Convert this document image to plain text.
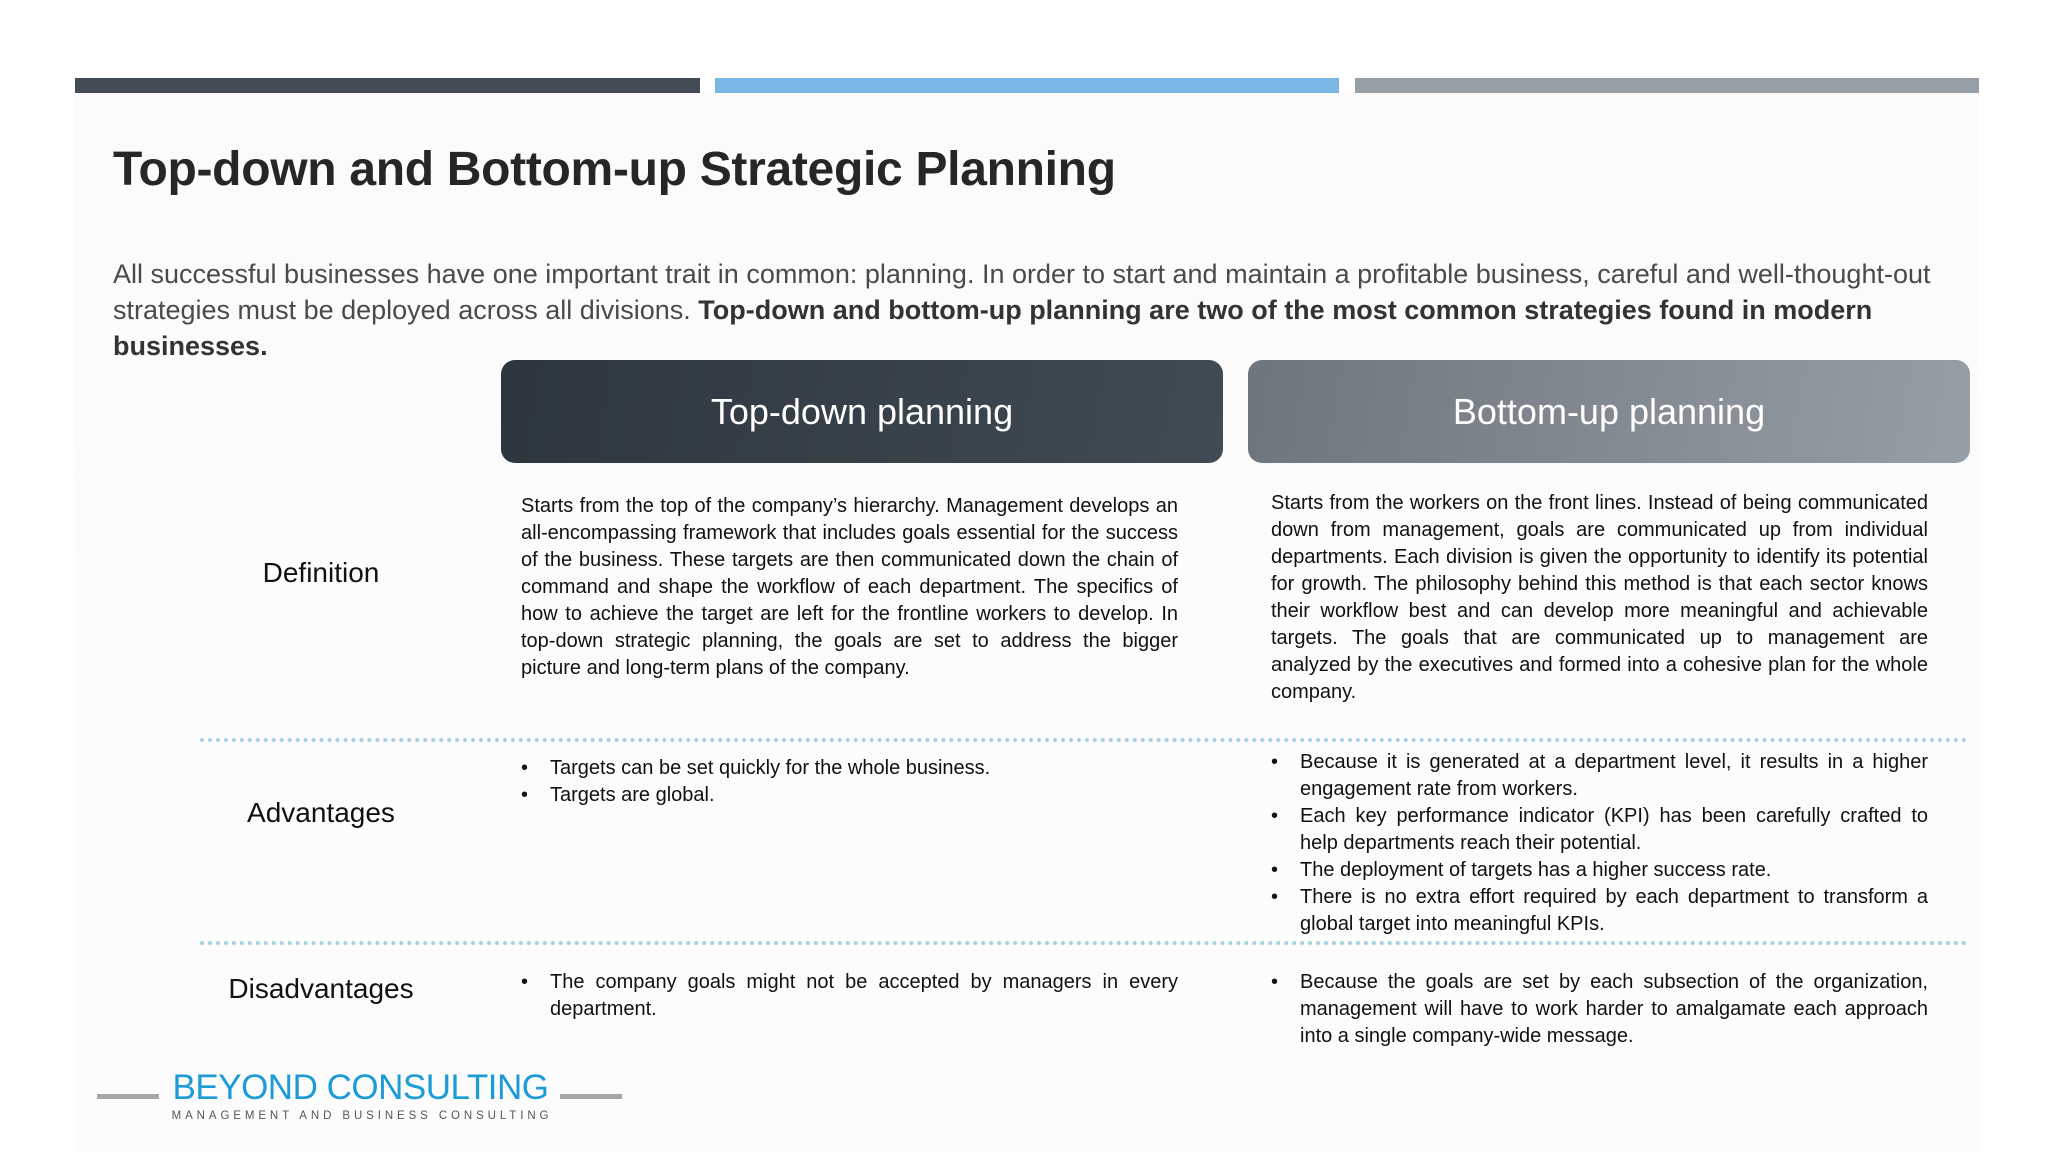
Top-down and Bottom-up Strategic Planning

All successful businesses have one important trait in common: planning. In order to start and maintain a profitable business, careful and well-thought-out strategies must be deployed across all divisions. Top-down and bottom-up planning are two of the most common strategies found in modern businesses.

Top-down planning	Bottom-up planning
Definition
Starts from the top of the company’s hierarchy. Management develops an all-encompassing framework that includes goals essential for the success of the business. These targets are then communicated down the chain of command and shape the workflow of each department. The specifics of how to achieve the target are left for the frontline workers to develop. In top-down strategic planning, the goals are set to address the bigger picture and long-term plans of the company.
Starts from the workers on the front lines. Instead of being communicated down from management, goals are communicated up from individual departments. Each division is given the opportunity to identify its potential for growth. The philosophy behind this method is that each sector knows their workflow best and can develop more meaningful and achievable targets. The goals that are communicated up to management are analyzed by the executives and formed into a cohesive plan for the whole company.
Advantages
• Targets can be set quickly for the whole business.
• Targets are global.
• Because it is generated at a department level, it results in a higher engagement rate from workers.
• Each key performance indicator (KPI) has been carefully crafted to help departments reach their potential.
• The deployment of targets has a higher success rate.
• There is no extra effort required by each department to transform a global target into meaningful KPIs.
Disadvantages
•	The company goals might not be accepted by managers in every department.
• Because the goals are set by each subsection of the organization, management will have to work harder to amalgamate each approach into a single company-wide message.
BEYOND CONSULTING
MANAGEMENT AND BUSINESS CONSULTING
